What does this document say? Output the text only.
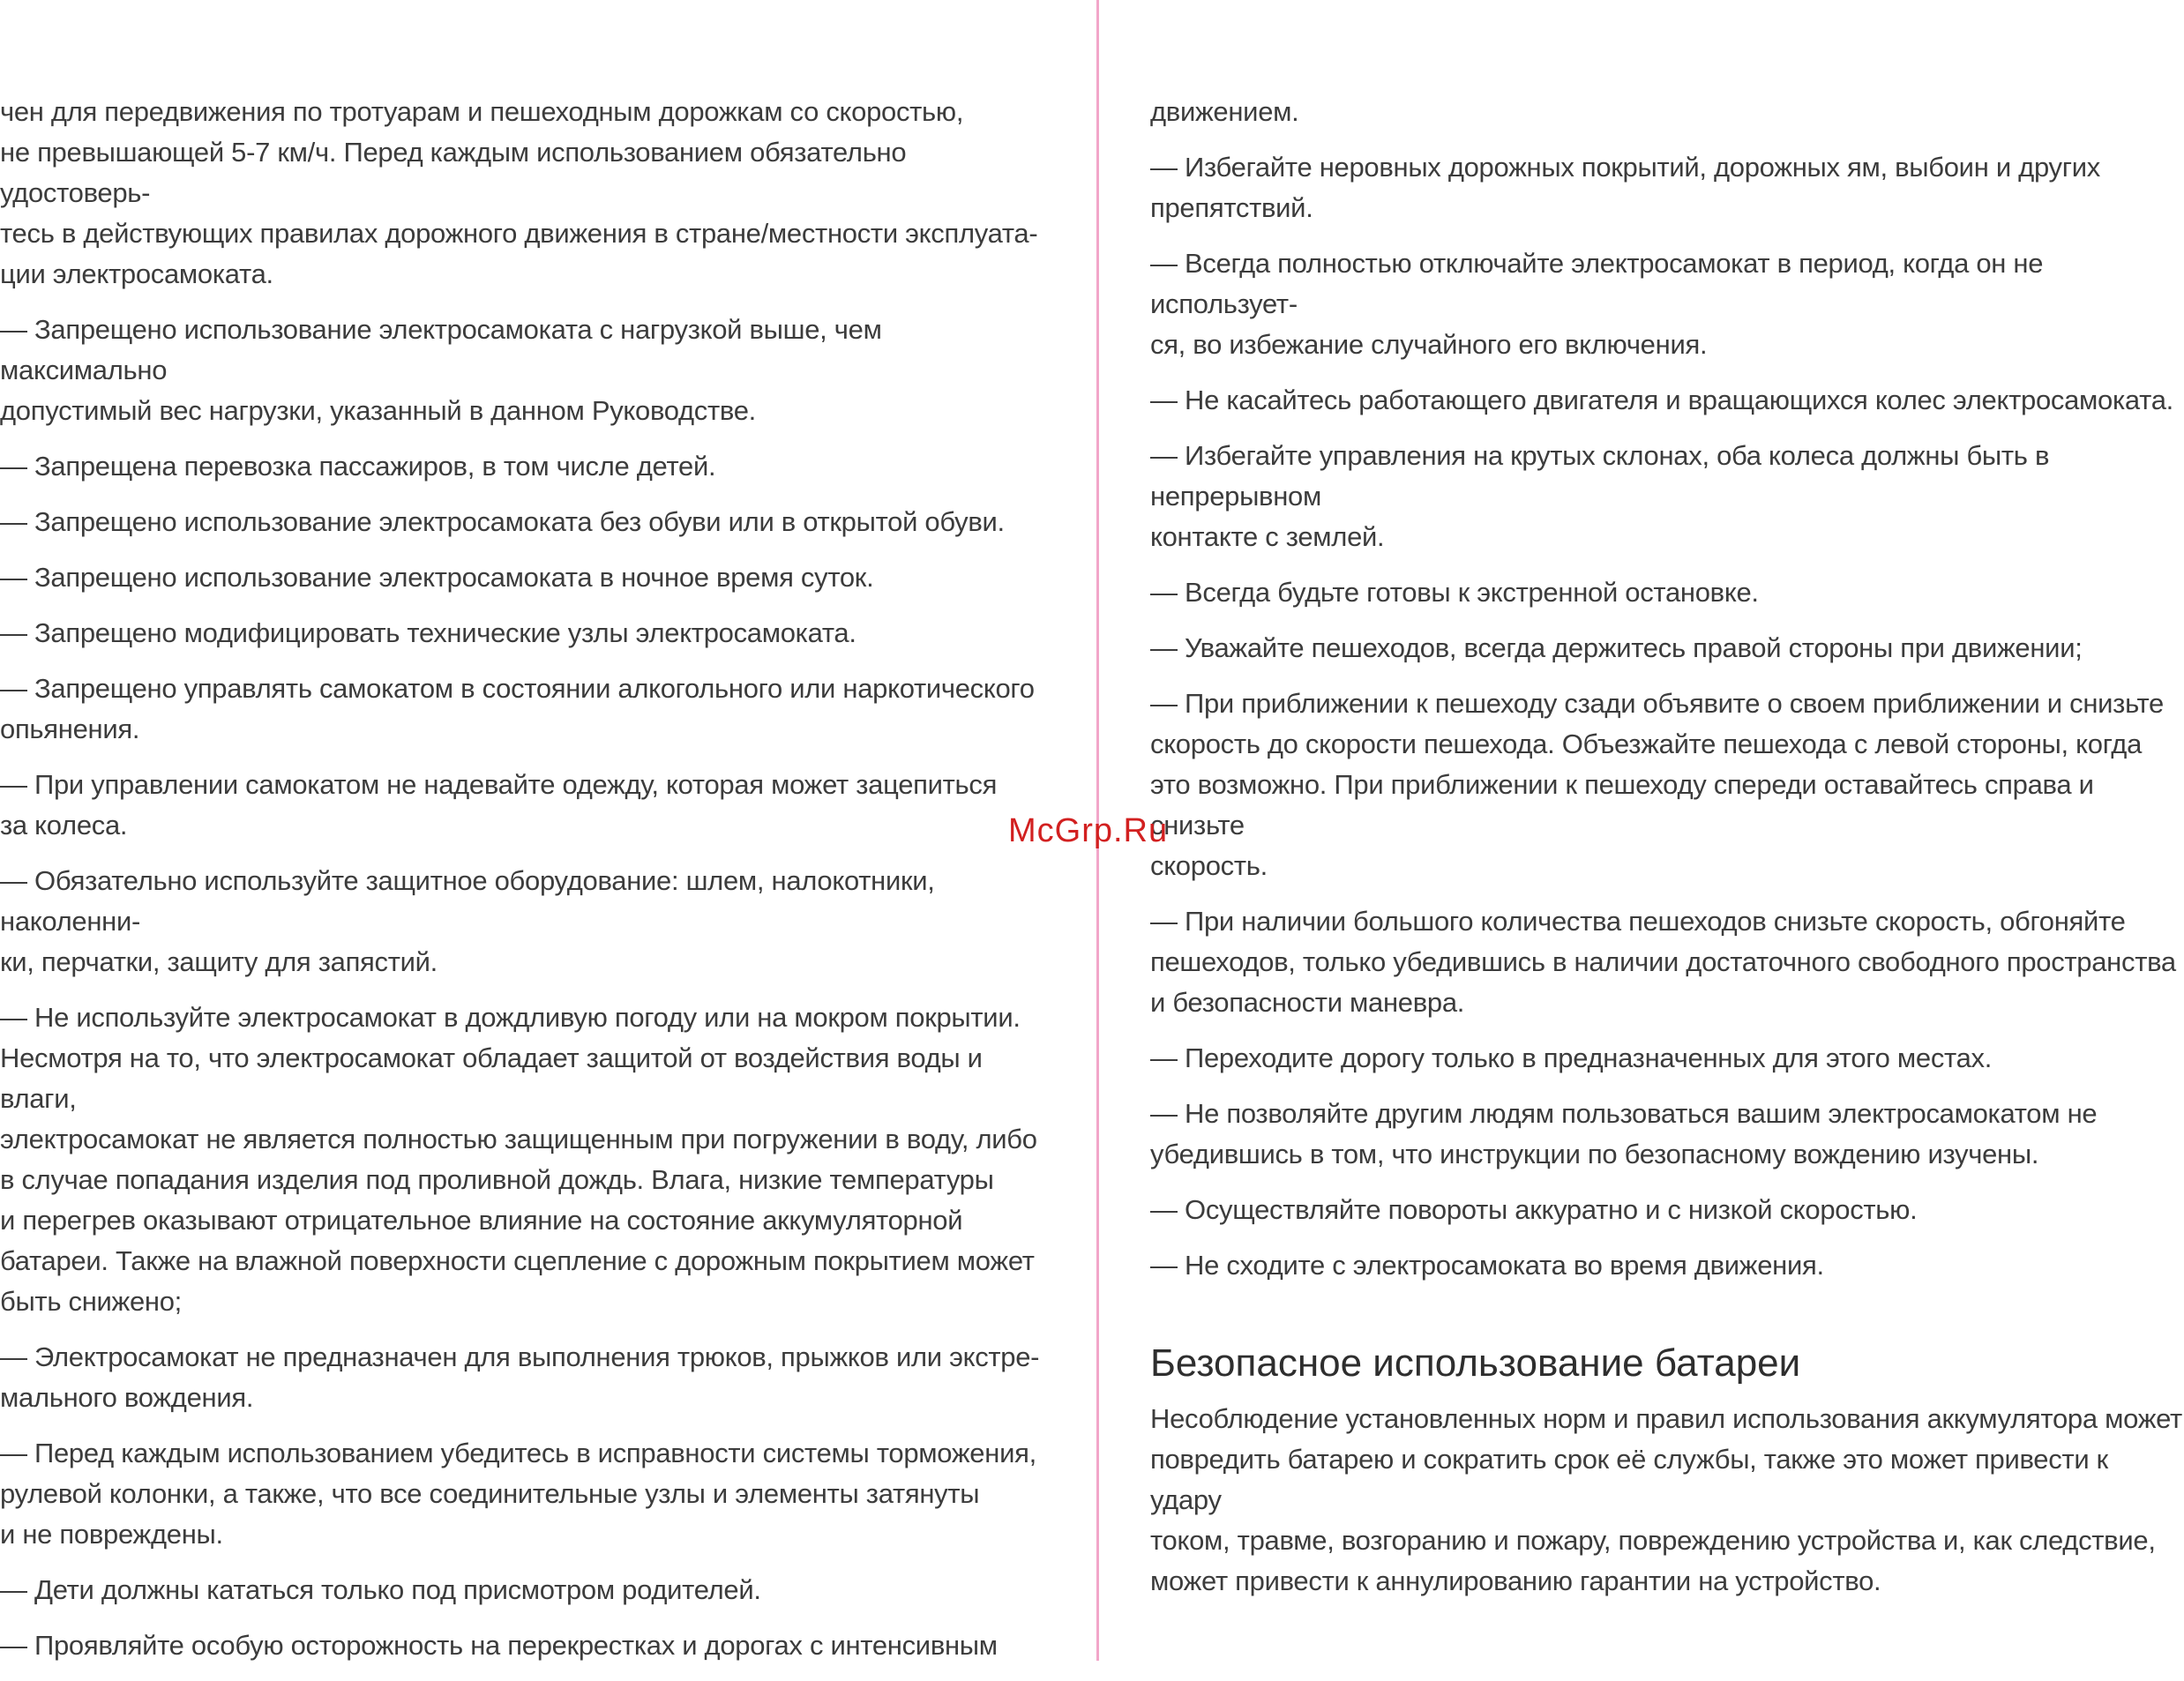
чен для передвижения по тротуарам и пешеходным дорожкам со скоростью,
не превышающей 5-7 км/ч. Перед каждым использованием обязательно удостоверь-
тесь в действующих правилах дорожного движения в стране/местности эксплуата-
ции электросамоката.

— Запрещено использование электросамоката с нагрузкой выше, чем максимально
допустимый вес нагрузки, указанный в данном Руководстве.

— Запрещена перевозка пассажиров, в том числе детей.

— Запрещено использование электросамоката без обуви или в открытой обуви.

— Запрещено использование электросамоката в ночное время суток.

— Запрещено модифицировать технические узлы электросамоката.

— Запрещено управлять самокатом в состоянии алкогольного или наркотического
опьянения.

— При управлении самокатом не надевайте одежду, которая может зацепиться
за колеса.

— Обязательно используйте защитное оборудование: шлем, налокотники, наколенни-
ки, перчатки, защиту для запястий.

— Не используйте электросамокат в дождливую погоду или на мокром покрытии.
Несмотря на то, что электросамокат обладает защитой от воздействия воды и влаги,
электросамокат не является полностью защищенным при погружении в воду, либо
в случае попадания изделия под проливной дождь. Влага, низкие температуры
и перегрев оказывают отрицательное влияние на состояние аккумуляторной
батареи. Также на влажной поверхности сцепление с дорожным покрытием может
быть снижено;

— Электросамокат не предназначен для выполнения трюков, прыжков или экстре-
мального вождения.

— Перед каждым использованием убедитесь в исправности системы торможения,
рулевой колонки, а также, что все соединительные узлы и элементы затянуты
и не повреждены.

— Дети должны кататься только под присмотром родителей.

— Проявляйте особую осторожность на перекрестках и дорогах с интенсивным

движением.

— Избегайте неровных дорожных покрытий, дорожных ям, выбоин и других
препятствий.

— Всегда полностью отключайте электросамокат в период, когда он не использует-
ся, во избежание случайного его включения.

— Не касайтесь работающего двигателя и вращающихся колес электросамоката.

— Избегайте управления на крутых склонах, оба колеса должны быть в непрерывном
контакте с землей.

— Всегда будьте готовы к экстренной остановке.

— Уважайте пешеходов, всегда держитесь правой стороны при движении;

— При приближении к пешеходу сзади объявите о своем приближении и снизьте
скорость до скорости пешехода. Объезжайте пешехода с левой стороны, когда
это возможно. При приближении к пешеходу спереди оставайтесь справа и снизьте
скорость.

— При наличии большого количества пешеходов снизьте скорость, обгоняйте
пешеходов, только убедившись в наличии достаточного свободного пространства
и безопасности маневра.

— Переходите дорогу только в предназначенных для этого местах.

— Не позволяйте другим людям пользоваться вашим электросамокатом не
убедившись в том, что инструкции по безопасному вождению изучены.

— Осуществляйте повороты аккуратно и с низкой скоростью.

— Не сходите с электросамоката во время движения.

Безопасное использование батареи

Несоблюдение установленных норм и правил использования аккумулятора может
повредить батарею и сократить срок её службы, также это может привести к удару
током, травме, возгоранию и пожару, повреждению устройства и, как следствие,
может привести к аннулированию гарантии на устройство.

McGrp.Ru
